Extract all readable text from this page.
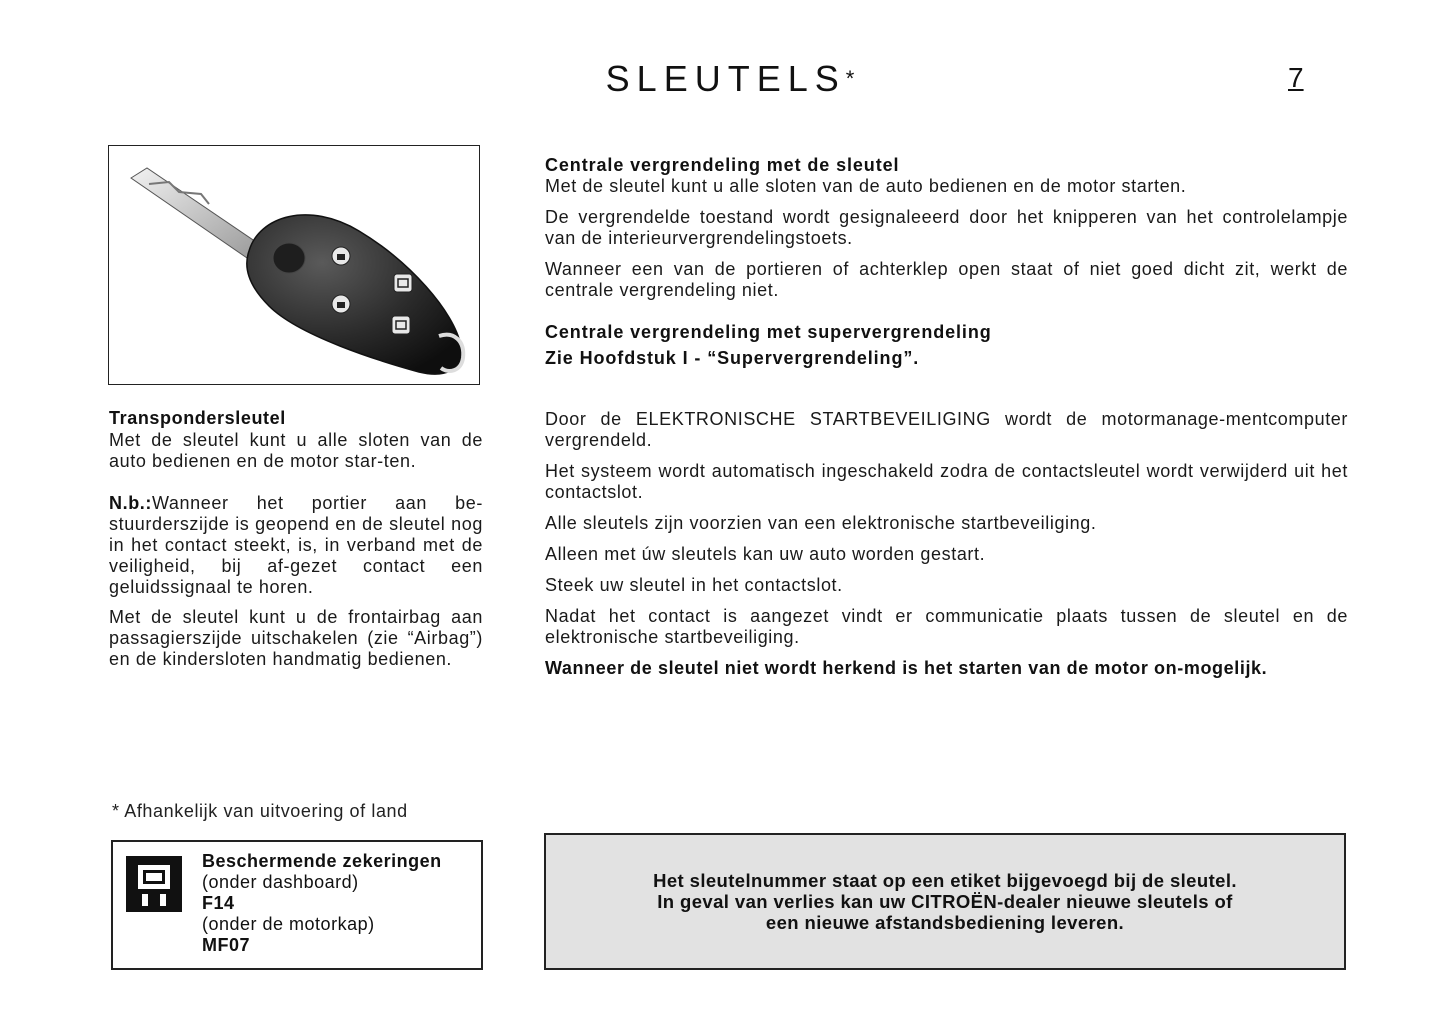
SLEUTELS*	7

Transpondersleutel

Met de sleutel kunt u alle sloten van de auto bedienen en de motor star-ten.

N.b.:Wanneer het portier aan be-stuurderszijde is geopend en de sleutel nog in het contact steekt, is, in verband met de veiligheid, bij af-gezet contact een geluidssignaal te horen.

Met de sleutel kunt u de frontairbag aan passagierszijde uitschakelen (zie “Airbag”) en de kindersloten handmatig bedienen.

* Afhankelijk van uitvoering of land
Beschermende zekeringen
(onder dashboard)
F14
(onder de motorkap)
MF07

Centrale vergrendeling met de sleutel

Met de sleutel kunt u alle sloten van de auto bedienen en de motor starten.

De vergrendelde toestand wordt gesignaleeerd door het knipperen van het controlelampje van de interieurvergrendelingstoets.

Wanneer een van de portieren of achterklep open staat of niet goed dicht zit, werkt de centrale vergrendeling niet.

Centrale vergrendeling met supervergrendeling

Zie Hoofdstuk I - “Supervergrendeling”.

Door de ELEKTRONISCHE STARTBEVEILIGING wordt de motormanage-mentcomputer vergrendeld.

Het systeem wordt automatisch ingeschakeld zodra de contactsleutel wordt verwijderd uit het contactslot.

Alle sleutels zijn voorzien van een elektronische startbeveiliging.

Alleen met úw sleutels kan uw auto worden gestart.

Steek uw sleutel in het contactslot.

Nadat het contact is aangezet vindt er communicatie plaats tussen de sleutel en de elektronische startbeveiliging.

Wanneer de sleutel niet wordt herkend is het starten van de motor on-mogelijk.

Het sleutelnummer staat op een etiket bijgevoegd bij de sleutel.
In geval van verlies kan uw CITROËN-dealer nieuwe sleutels of
een nieuwe afstandsbediening leveren.
